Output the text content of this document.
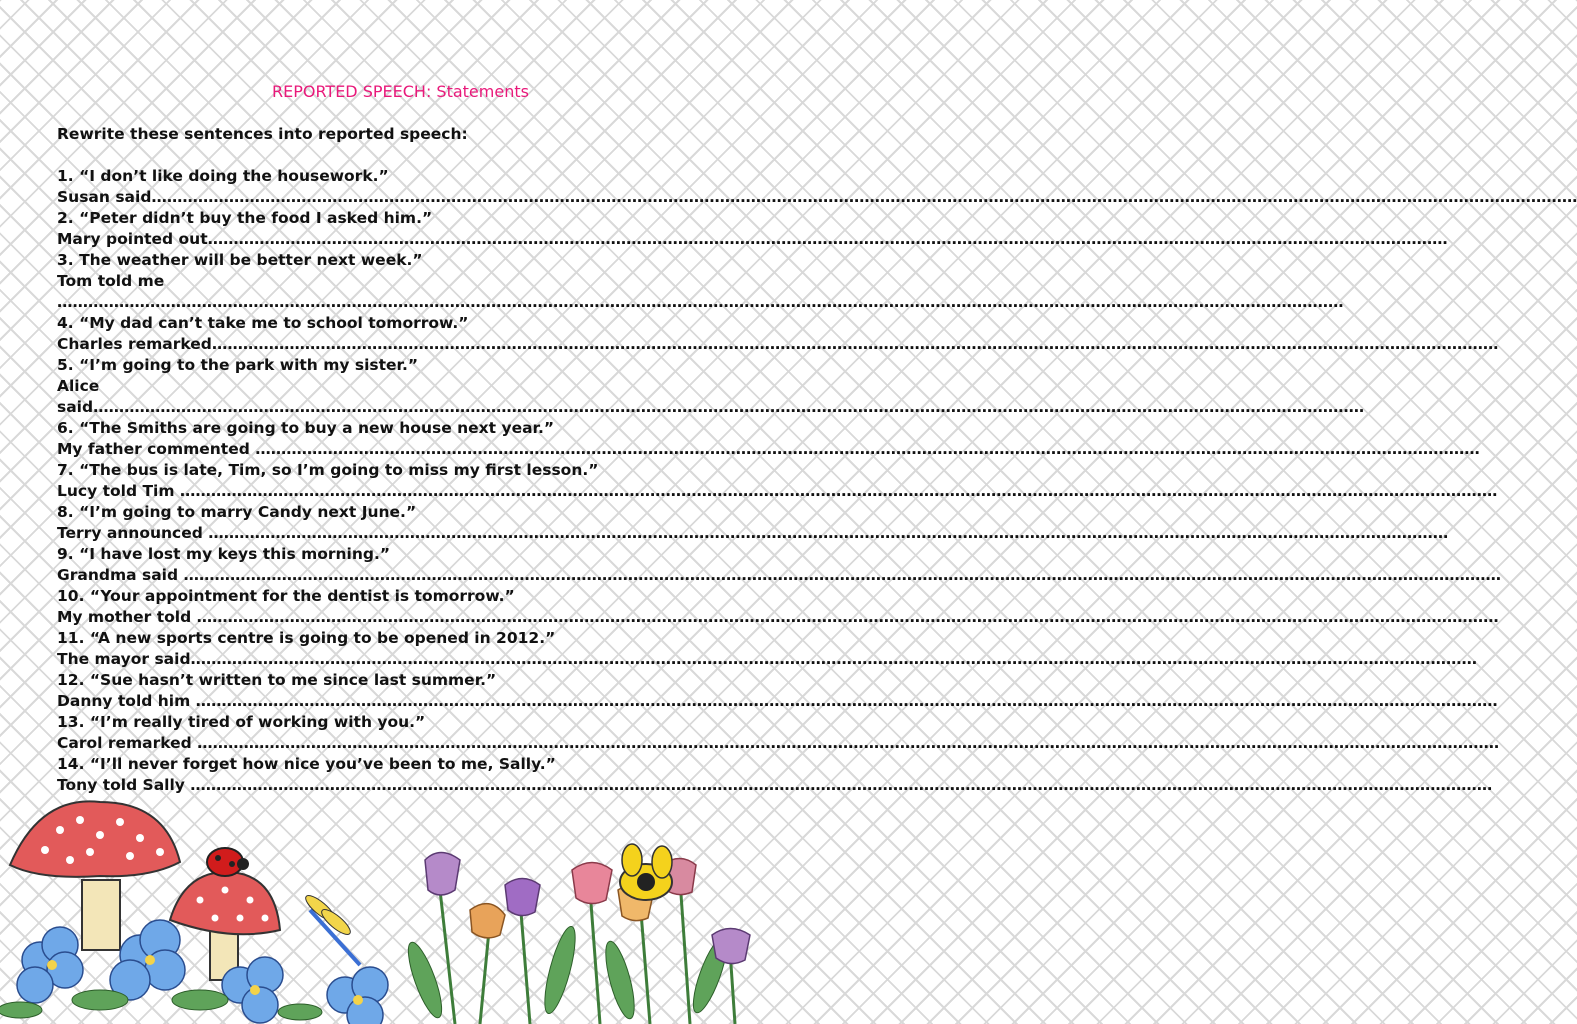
REPORTED SPEECH: Statements
Rewrite these sentences into reported speech:
1. “I don’t like doing the housework.”
Susan said……………………………………………………………………………………………………………………………………………………………………………………………………………………………………………………
2. “Peter didn’t buy the food I asked him.”
Mary pointed out……………………………………………………………………………………………………………………………………………………………………………………………………………………
3. The weather will be better next week.”
Tom told me
……………………………………………………………………………………………………………………………………………………………………………………………………………………………
4. “My dad can’t take me to school tomorrow.”
Charles remarked……………………………………………………………………………………………………………………………………………………………………………………………………………………………
5. “I’m going to the park with my sister.”
Alice
said…………………………………………………………………………………………………………………………………………………………………………………………………………………………
6. “The Smiths are going to buy a new house next year.”
My father commented …………………………………………………………………………………………………………………………………………………………………………………………………………………
7. “The bus is late, Tim, so I’m going to miss my first lesson.”
Lucy told Tim …………………………………………………………………………………………………………………………………………………………………………………………………………………………………
8. “I’m going to marry Candy next June.”
Terry announced ……………………………………………………………………………………………………………………………………………………………………………………………………………………
9. “I have lost my keys this morning.”
Grandma said …………………………………………………………………………………………………………………………………………………………………………………………………………………………………
10. “Your appointment for the dentist is tomorrow.”
My mother told ………………………………………………………………………………………………………………………………………………………………………………………………………………………………
11. “A new sports centre is going to be opened in 2012.”
The mayor said……………………………………………………………………………………………………………………………………………………………………………………………………………………………
12. “Sue hasn’t written to me since last summer.”
Danny told him ………………………………………………………………………………………………………………………………………………………………………………………………………………………………
13. “I’m really tired of working with you.”
Carol remarked ………………………………………………………………………………………………………………………………………………………………………………………………………………………………
14. “I’ll never forget how nice you’ve been to me, Sally.”
Tony told Sally ………………………………………………………………………………………………………………………………………………………………………………………………………………………………
